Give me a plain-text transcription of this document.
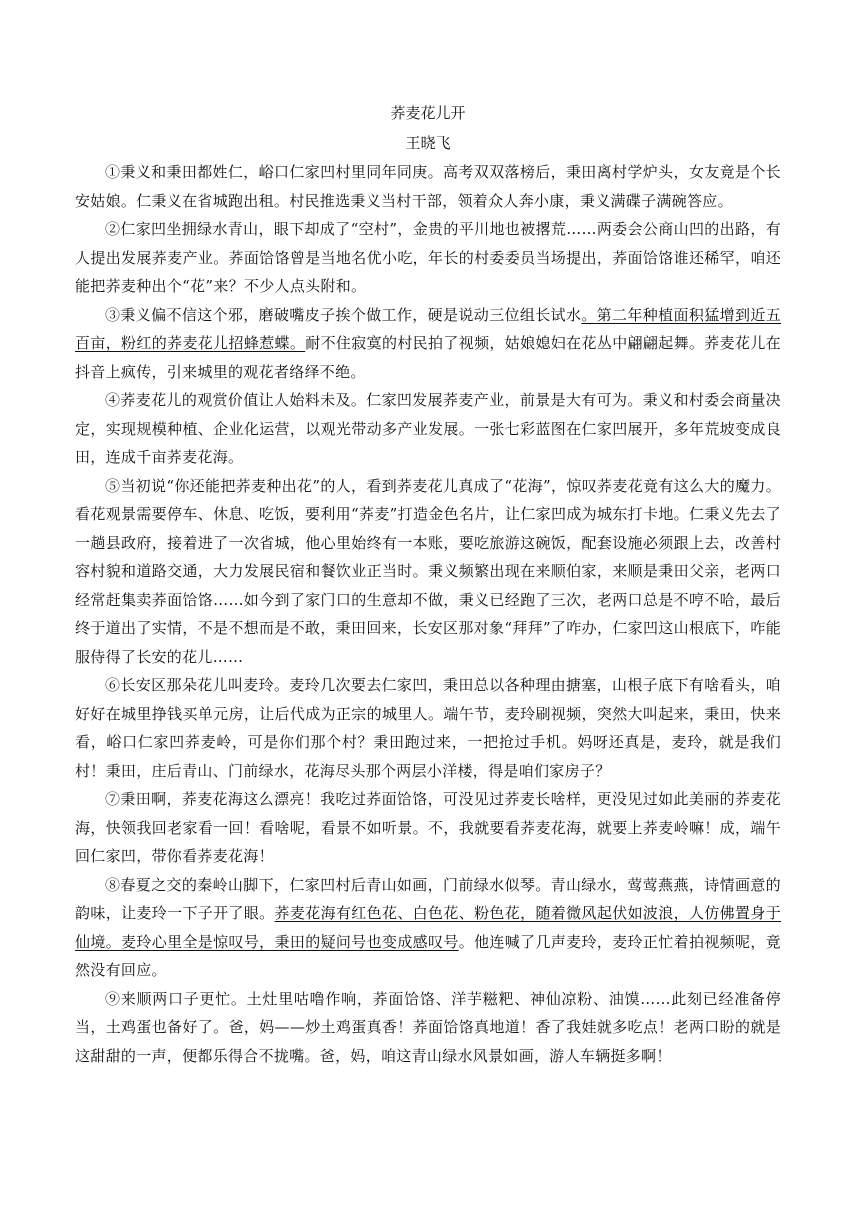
荞麦花儿开
王晓飞

①秉义和秉田都姓仁，峪口仁家凹村里同年同庚。高考双双落榜后，秉田离村学炉头，女友竟是个长安姑娘。仁秉义在省城跑出租。村民推选秉义当村干部，领着众人奔小康，秉义满碟子满碗答应。

②仁家凹坐拥绿水青山，眼下却成了“空村”，金贵的平川地也被撂荒……两委会公商山凹的出路，有人提出发展荞麦产业。荞面饸饹曾是当地名优小吃，年长的村委委员当场提出，荞面饸饹谁还稀罕，咱还能把荞麦种出个“花”来？不少人点头附和。

③秉义偏不信这个邪，磨破嘴皮子挨个做工作，硬是说动三位组长试水。第二年种植面积猛增到近五百亩，粉红的荞麦花儿招蜂惹蝶。耐不住寂寞的村民拍了视频，姑娘媳妇在花丛中翩翩起舞。荞麦花儿在抖音上疯传，引来城里的观花者络绎不绝。

④荞麦花儿的观赏价值让人始料未及。仁家凹发展荞麦产业，前景是大有可为。秉义和村委会商量决定，实现规模种植、企业化运营，以观光带动多产业发展。一张七彩蓝图在仁家凹展开，多年荒坡变成良田，连成千亩荞麦花海。

⑤当初说“你还能把荞麦种出花”的人，看到荞麦花儿真成了“花海”，惊叹荞麦花竟有这么大的魔力。看花观景需要停车、休息、吃饭，要利用“荞麦”打造金色名片，让仁家凹成为城东打卡地。仁秉义先去了一趟县政府，接着进了一次省城，他心里始终有一本账，要吃旅游这碗饭，配套设施必须跟上去，改善村容村貌和道路交通，大力发展民宿和餐饮业正当时。秉义频繁出现在来顺伯家，来顺是秉田父亲，老两口经常赶集卖荞面饸饹……如今到了家门口的生意却不做，秉义已经跑了三次，老两口总是不哼不哈，最后终于道出了实情，不是不想而是不敢，秉田回来，长安区那对象“拜拜”了咋办，仁家凹这山根底下，咋能服侍得了长安的花儿……

⑥长安区那朵花儿叫麦玲。麦玲几次要去仁家凹，秉田总以各种理由搪塞，山根子底下有啥看头，咱好好在城里挣钱买单元房，让后代成为正宗的城里人。端午节，麦玲刷视频，突然大叫起来，秉田，快来看，峪口仁家凹荞麦岭，可是你们那个村？秉田跑过来，一把抢过手机。妈呀还真是，麦玲，就是我们村！秉田，庄后青山、门前绿水，花海尽头那个两层小洋楼，得是咱们家房子？

⑦秉田啊，荞麦花海这么漂亮！我吃过荞面饸饹，可没见过荞麦长啥样，更没见过如此美丽的荞麦花海，快领我回老家看一回！看啥呢，看景不如听景。不，我就要看荞麦花海，就要上荞麦岭嘛！成，端午回仁家凹，带你看荞麦花海！

⑧春夏之交的秦岭山脚下，仁家凹村后青山如画，门前绿水似琴。青山绿水，莺莺燕燕，诗情画意的韵味，让麦玲一下子开了眼。荞麦花海有红色花、白色花、粉色花，随着微风起伏如波浪，人仿佛置身于仙境。麦玲心里全是惊叹号，秉田的疑问号也变成感叹号。他连喊了几声麦玲，麦玲正忙着拍视频呢，竟然没有回应。

⑨来顺两口子更忙。土灶里咕噜作响，荞面饸饹、洋芋糍粑、神仙凉粉、油馍……此刻已经准备停当，土鸡蛋也备好了。爸，妈——炒土鸡蛋真香！荞面饸饹真地道！香了我娃就多吃点！老两口盼的就是这甜甜的一声，便都乐得合不拢嘴。爸，妈，咱这青山绿水风景如画，游人车辆挺多啊！
